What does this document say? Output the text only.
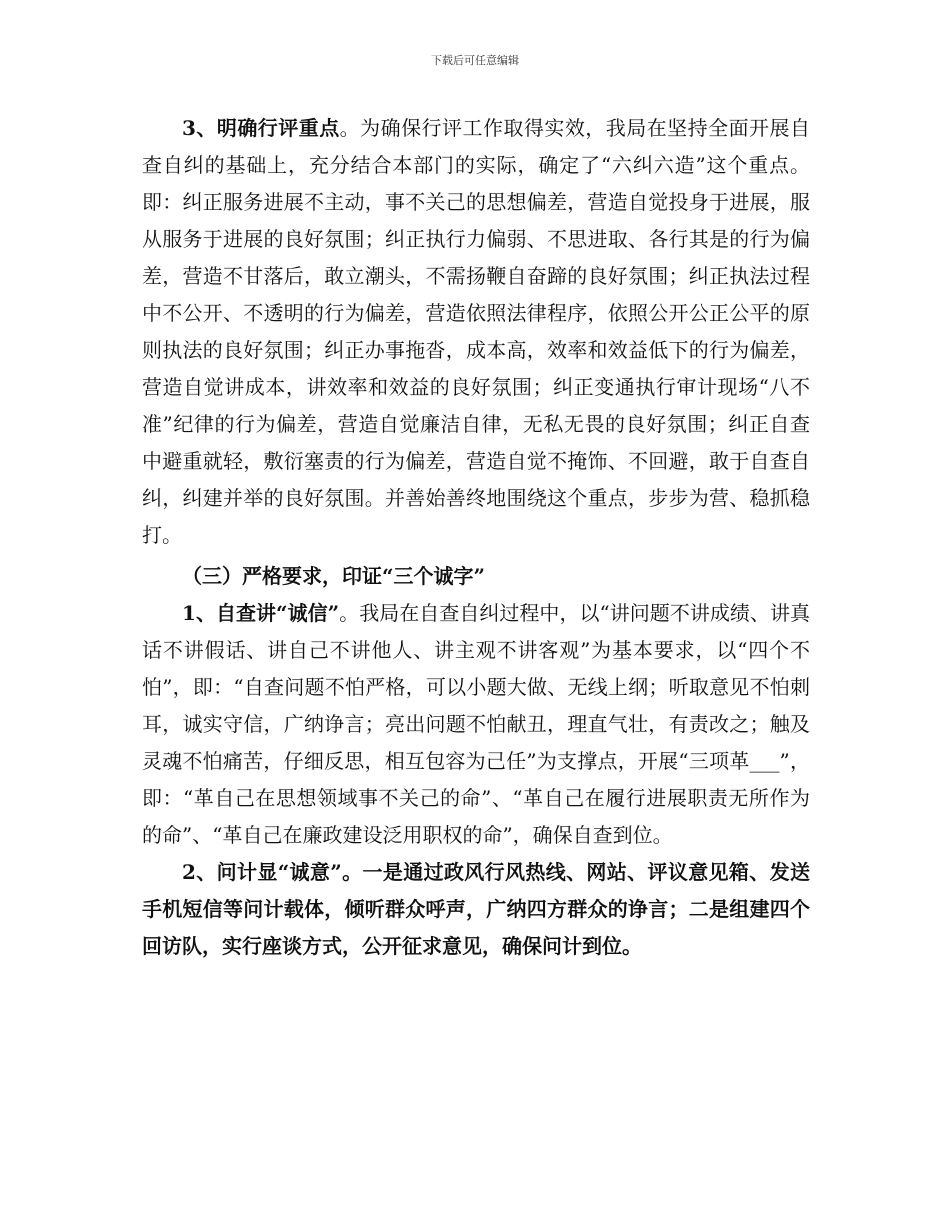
下载后可任意编辑

3、明确行评重点。为确保行评工作取得实效，我局在坚持全面开展自查自纠的基础上，充分结合本部门的实际，确定了“六纠六造”这个重点。即：纠正服务进展不主动，事不关己的思想偏差，营造自觉投身于进展，服从服务于进展的良好氛围；纠正执行力偏弱、不思进取、各行其是的行为偏差，营造不甘落后，敢立潮头，不需扬鞭自奋蹄的良好氛围；纠正执法过程中不公开、不透明的行为偏差，营造依照法律程序，依照公开公正公平的原则执法的良好氛围；纠正办事拖沓，成本高，效率和效益低下的行为偏差，营造自觉讲成本，讲效率和效益的良好氛围；纠正变通执行审计现场“八不准”纪律的行为偏差，营造自觉廉洁自律，无私无畏的良好氛围；纠正自查中避重就轻，敷衍塞责的行为偏差，营造自觉不掩饰、不回避，敢于自查自纠，纠建并举的良好氛围。并善始善终地围绕这个重点，步步为营、稳抓稳打。

（三）严格要求，印证“三个诚字”

1、自查讲“诚信”。我局在自查自纠过程中，以“讲问题不讲成绩、讲真话不讲假话、讲自己不讲他人、讲主观不讲客观”为基本要求，以“四个不怕”，即：“自查问题不怕严格，可以小题大做、无线上纲；听取意见不怕刺耳，诚实守信，广纳诤言；亮出问题不怕献丑，理直气壮，有责改之；触及灵魂不怕痛苦，仔细反思，相互包容为己任”为支撑点，开展“三项革___”，即：“革自己在思想领域事不关己的命”、“革自己在履行进展职责无所作为的命”、“革自己在廉政建设泛用职权的命”，确保自查到位。

2、问计显“诚意”。一是通过政风行风热线、网站、评议意见箱、发送手机短信等问计载体，倾听群众呼声，广纳四方群众的诤言；二是组建四个回访队，实行座谈方式，公开征求意见，确保问计到位。
